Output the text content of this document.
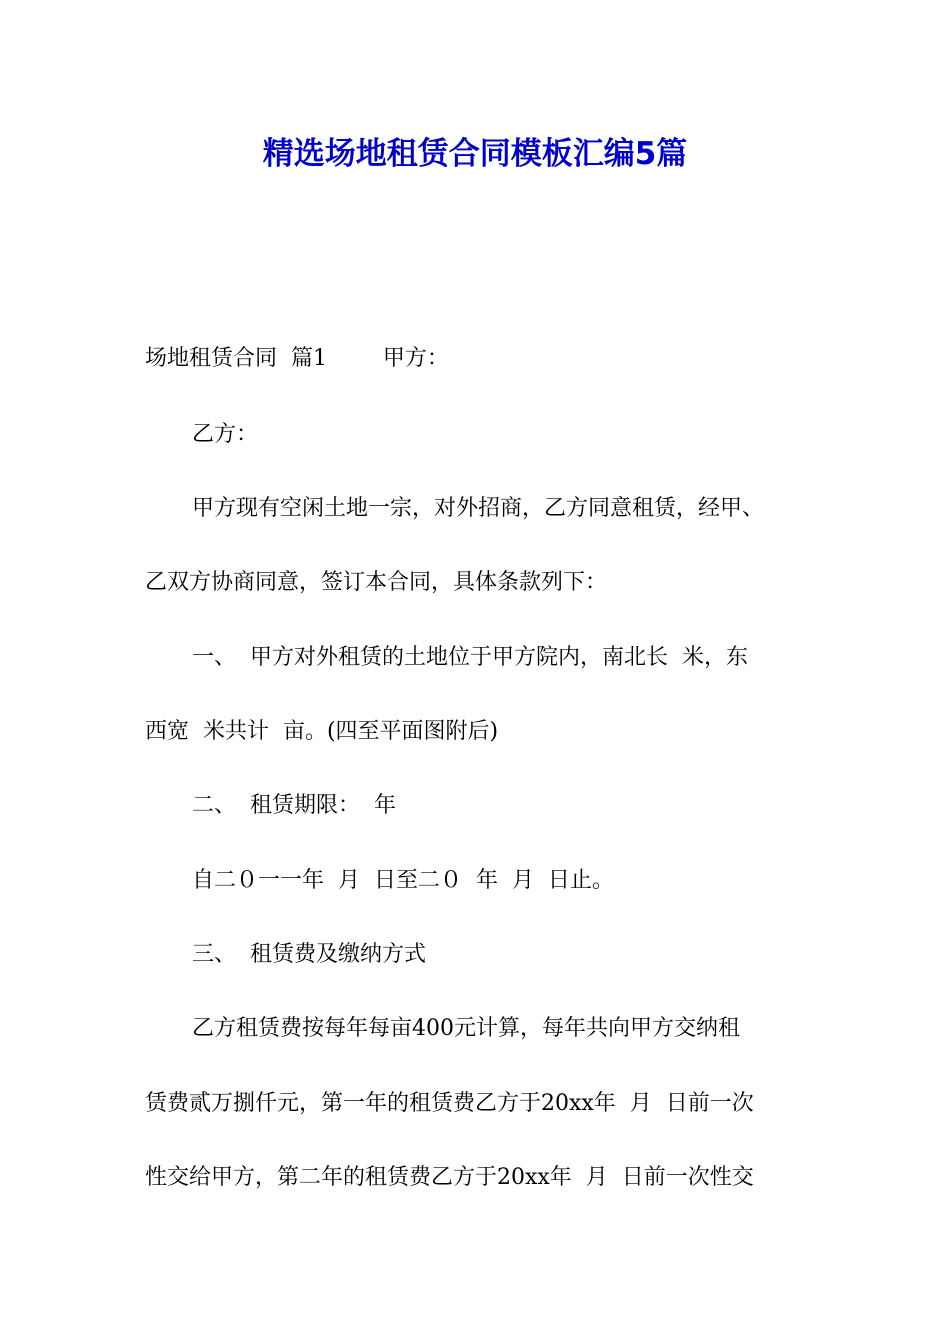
精选场地租赁合同模板汇编5篇
场地租赁合同  篇1        甲方：
乙方：
甲方现有空闲土地一宗，对外招商，乙方同意租赁，经甲、
乙双方协商同意，签订本合同，具体条款列下：
一、  甲方对外租赁的土地位于甲方院内，南北长  米，东
西宽  米共计  亩。(四至平面图附后)
二、  租赁期限：  年
自二０一一年  月  日至二０  年  月  日止。
三、  租赁费及缴纳方式
乙方租赁费按每年每亩400元计算，每年共向甲方交纳租
赁费贰万捌仟元，第一年的租赁费乙方于20xx年  月  日前一次
性交给甲方，第二年的租赁费乙方于20xx年  月  日前一次性交
